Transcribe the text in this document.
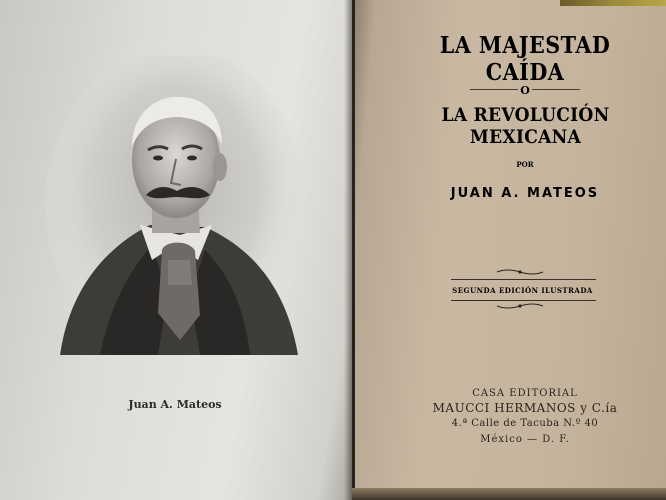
Juan A. Mateos
LA MAJESTAD CAÍDA
O
LA REVOLUCIÓN MEXICANA
POR
JUAN A. MATEOS
SEGUNDA EDICIÓN ILUSTRADA
CASA EDITORIAL
MAUCCI HERMANOS y C.ía
4.ª Calle de Tacuba N.º 40
México — D. F.
